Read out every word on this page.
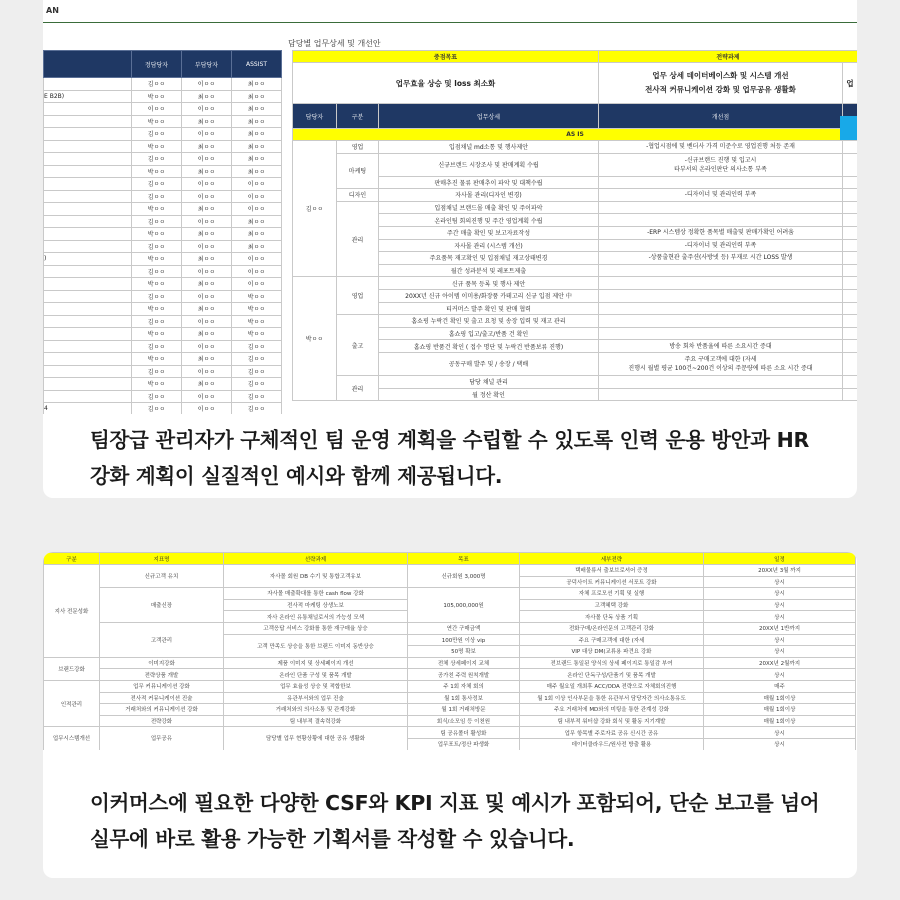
AN
담당별 업무상세 및 개선안
	정담당자	부담당자	ASSIST
	김ㅇㅇ	이ㅇㅇ	최ㅇㅇ
E B2B)	박ㅇㅇ	최ㅇㅇ	최ㅇㅇ
	이ㅇㅇ	이ㅇㅇ	최ㅇㅇ
	박ㅇㅇ	최ㅇㅇ	최ㅇㅇ
	김ㅇㅇ	이ㅇㅇ	최ㅇㅇ
	박ㅇㅇ	최ㅇㅇ	최ㅇㅇ
	김ㅇㅇ	이ㅇㅇ	최ㅇㅇ
	박ㅇㅇ	최ㅇㅇ	최ㅇㅇ
	김ㅇㅇ	이ㅇㅇ	이ㅇㅇ
	김ㅇㅇ	이ㅇㅇ	이ㅇㅇ
	박ㅇㅇ	최ㅇㅇ	이ㅇㅇ
	김ㅇㅇ	이ㅇㅇ	최ㅇㅇ
	박ㅇㅇ	최ㅇㅇ	최ㅇㅇ
	김ㅇㅇ	이ㅇㅇ	최ㅇㅇ
)	박ㅇㅇ	최ㅇㅇ	이ㅇㅇ
	김ㅇㅇ	이ㅇㅇ	이ㅇㅇ
	박ㅇㅇ	최ㅇㅇ	이ㅇㅇ
	김ㅇㅇ	이ㅇㅇ	박ㅇㅇ
	박ㅇㅇ	최ㅇㅇ	박ㅇㅇ
	김ㅇㅇ	이ㅇㅇ	박ㅇㅇ
	박ㅇㅇ	최ㅇㅇ	박ㅇㅇ
	김ㅇㅇ	이ㅇㅇ	김ㅇㅇ
	박ㅇㅇ	최ㅇㅇ	김ㅇㅇ
	김ㅇㅇ	이ㅇㅇ	김ㅇㅇ
	박ㅇㅇ	최ㅇㅇ	김ㅇㅇ
	김ㅇㅇ	이ㅇㅇ	김ㅇㅇ
4	김ㅇㅇ	이ㅇㅇ	김ㅇㅇ
중점목표			전략과제	
업무효율 상승 및 loss 최소화			업무 상세 데이터베이스화 및 시스템 개선
전사적 커뮤니케이션 강화 및 업무공유 생활화	업
담당자	구분	업무상세	개선점	
AS IS				
김ㅇㅇ	영업	입점채널 md소통 및 행사제안	-협업시점에 및 벤더사 가격 미준수로 영업진행 처등 존재	
	마케팅	신규브랜드 시장조사 및 판매계획 수립	-신규브랜드 진행 및 입고시
타부서의 온라인판단 의사소통 부족	
		판매추진 물류 판매추이 파악 및 대책수립		
	디자인	자사몰 관리(디자인 변경)	-디자이너 및 관리인력 부족	
	관리	입점채널 브랜드몰 매출 확인 및 주이파악		
		온라인팀 회의진행 및 주간 영업계획 수립		
		주간 매출 확인 및 보고자료작성	-ERP 시스템상 정확한 품목별 매출및 판매가확인 어려움	
		자사몰 관리 (시스템 개선)	-디자이너 및 관리인력 부족	
		주요품목 재고확인 및 입점채널 재고상태변경	-상품출현관 출주션(사방넷 등) 부재로 시간 LOSS 발생	
		월간 성과분석 및 레포트제출		
박ㅇㅇ	영업	신규 품목 등록 및 행사 제안		
		20XX년 신규 아이템 이미용/화장품 카테고리 신규 입점 제안 中		
		티커머스 발주 확인 및 판매 협력		
	출고	홈쇼핑 누락건 확인 및 출고 요청 및 송장 입력 및 재고 관리		
		홈쇼핑 입고/출고/반품 건 확인		
		홈쇼핑 반품건 확인 ( 접수 명단 및 누락건 반품보류 진행)	방송 회차 반품율에 따른 소요시간 증대	
		공동구매 발주 및 / 송장 / 택배	주요 구매고객에 대한 (자세
진행시 월별 평균 100건~200건 이상의 주문량에 따른 소요 시간 증대	
	관리	담당 채널 관리		
		월 정산 확인		
팀장급 관리자가 구체적인 팀 운영 계획을 수립할 수 있도록 인력 운용 방안과 HR 강화 계획이 실질적인 예시와 함께 제공됩니다.
구분	지표명	선략과제	목표	세부전략	일정
지사 전문성화	신규고객 유치	자사몰 회원 DB 수기 및 통합고객유보	신규회원 3,000명	택배물류서 출보브로셔어 증정	20XX년 3월 까지
				공덕사이트 커뮤니케이션 서포트 강화	상시
	매출신장	자사몰 매출확대를 통한 cash flow 강화	105,000,000원	자체 프로모션 기획 및 실행	상시
		전사적 마케팅 상생노보		고객혜택 강화	상시
		자사 온라인 유통채널로서의 가능성 모색		자사몰 단독 상품 기획	상시
	고객관리	고객응답 서비스 강화를 통한 재구매율 상승	연간 구매금액	전화구매/온라인문의 고객관리 강화	20XX년 1반까지
		고객 만족도 상승을 통한 브랜드 이미지 동반상승	100만원 이상 vip	주요 구매고객에 대한 (자세	상시
			50명 확보	VIP 대상 DM(교류용 파견요 강화	상시
브랜드강화	이미지강화	제품 이미지 및 상세페이지 개선	전체 상세페이지 교체	전브랜드 통일된 양식의 상세 페이지로 통일감 부여	20XX년 2월까지
	전략상품 개발	온라인 단품 구성 및 품목 개발	공가친 주력 원칙개발	온라인 단독구성/단품기 및 품목 개발	상시
인적관리	업무 커뮤니케이션 강화	업무 효율성 상승 및 적합한보	주 1회 자체 회의	매주 월요일 개최후 ACC/ODA 전략으로 자체회의진행	매주
	전사적 커뮤니케이션 진술	유관부서와의 업무 진술	월 1회 통사정보	월 1회 이상 인사부문을 통한 유관부서 담당자간 의사소통유도	매월 1회이상
	거래처와의 커뮤니케이션 강화	거래처와의 의사소통 및 관계강화	월 1회 거래처방문	주요 거래처에 MD와의 미팅을 통한 관계성 강화	매월 1회이상
	전략강화	팀 내부적 결속력강화	회식/소모임 등 이천원	팀 내부적 워터샵 강화 회식 및 활동 지기계발	매월 1회이상
업무시스템개선	업무공유	담당별 업무 현황상황에 대한 공유 생활화	팀 공유폴더 활성화	업무 항목별 주로자료 공유 신시간 공유	상시
			업무포트/정산 파생화	데이터클라우드/원사전 방출 활용	상시
이커머스에 필요한 다양한 CSF와 KPI 지표 및 예시가 포함되어, 단순 보고를 넘어 실무에 바로 활용 가능한 기획서를 작성할 수 있습니다.
